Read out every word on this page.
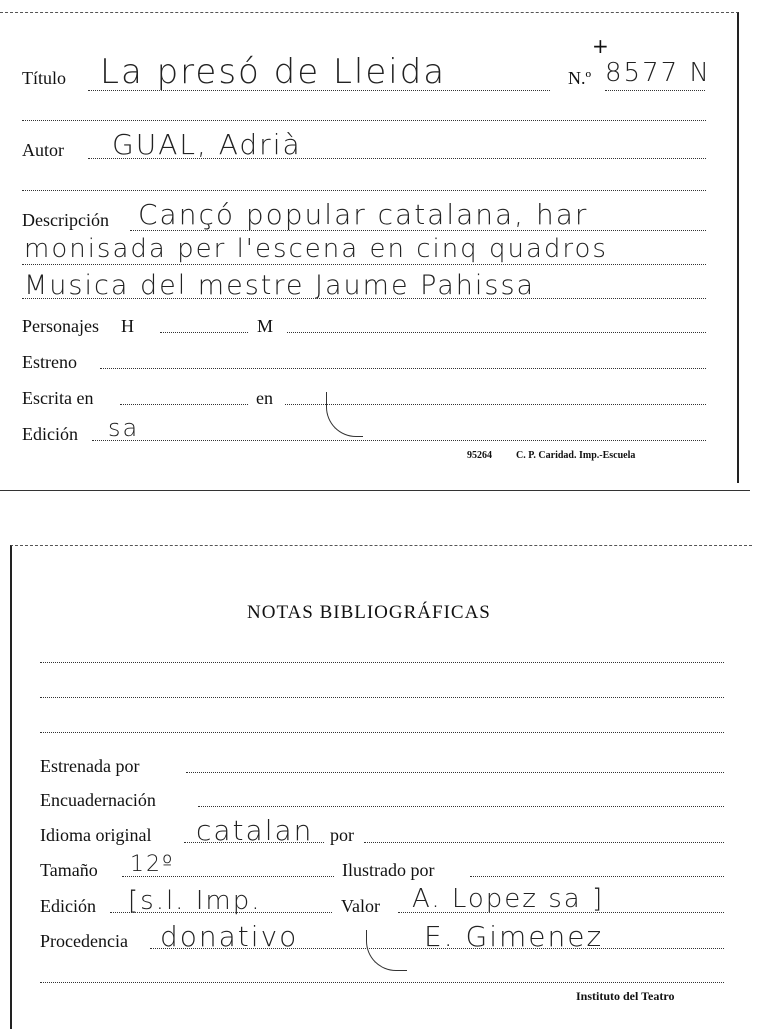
Título La presó de Lleida	N.º 8577 N
+
Autor GUAL, Adrià
Descripción Cançó popular catalana, har
monisada per l'escena en cinq quadros
Musica del mestre Jaume Pahissa
Personajes H	M
Estreno
Escrita en	en
Edición sa
95264 C. P. Caridad. Imp.-Escuela
NOTAS BIBLIOGRÁFICAS
Estrenada por
Encuadernación
Idioma original catalan por
Tamaño 12º	Ilustrado por
Edición [s.l. Imp.	Valor A. Lopez sa ]
Procedencia donativo	E. Gimenez
Instituto del Teatro
